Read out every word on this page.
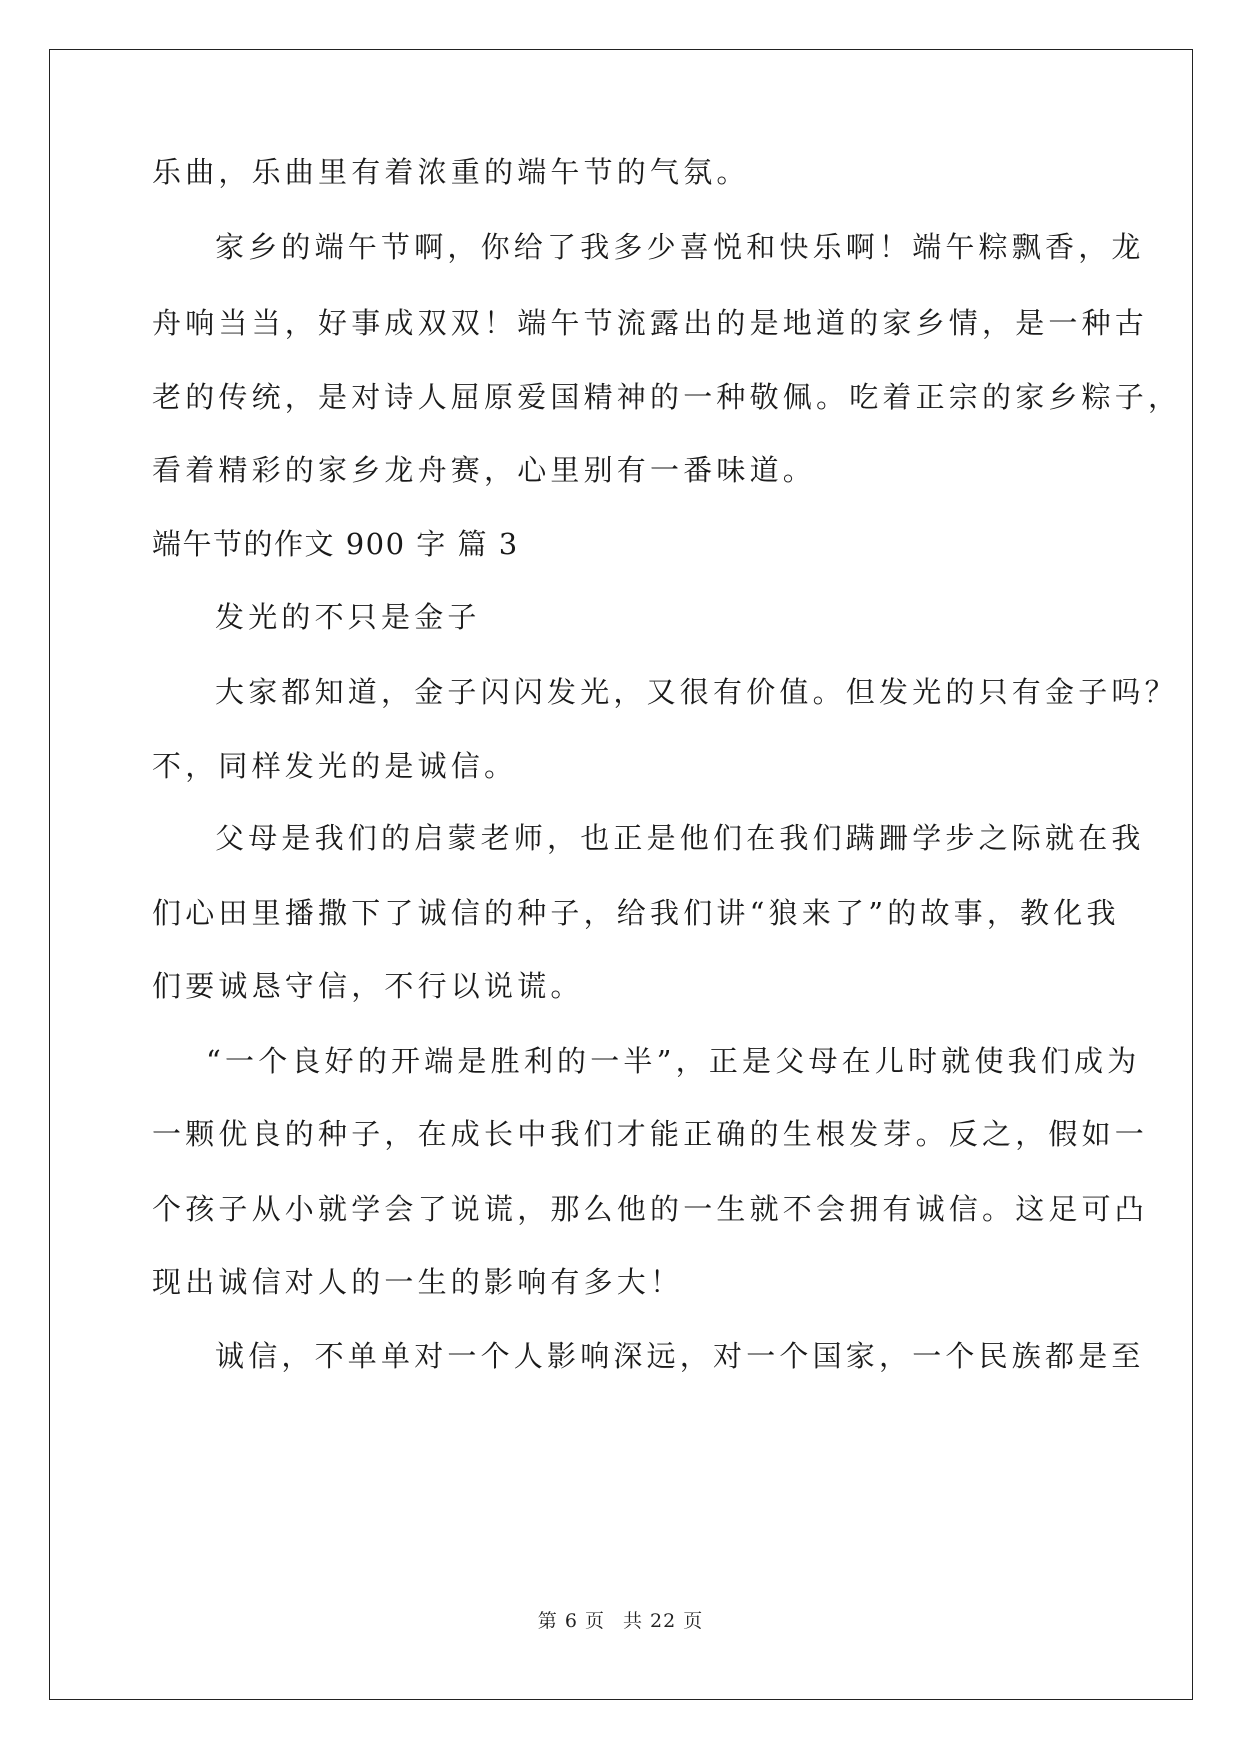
乐曲，乐曲里有着浓重的端午节的气氛。

家乡的端午节啊，你给了我多少喜悦和快乐啊！端午粽飘香，龙

舟响当当，好事成双双！端午节流露出的是地道的家乡情，是一种古

老的传统，是对诗人屈原爱国精神的一种敬佩。吃着正宗的家乡粽子，

看着精彩的家乡龙舟赛，心里别有一番味道。

端午节的作文 900 字 篇 3

发光的不只是金子

大家都知道，金子闪闪发光，又很有价值。但发光的只有金子吗？

不，同样发光的是诚信。

父母是我们的启蒙老师，也正是他们在我们蹒跚学步之际就在我

们心田里播撒下了诚信的种子，给我们讲“狼来了”的故事，教化我

们要诚恳守信，不行以说谎。

“一个良好的开端是胜利的一半”，正是父母在儿时就使我们成为

一颗优良的种子，在成长中我们才能正确的生根发芽。反之，假如一

个孩子从小就学会了说谎，那么他的一生就不会拥有诚信。这足可凸

现出诚信对人的一生的影响有多大！

诚信，不单单对一个人影响深远，对一个国家，一个民族都是至

第 6 页 共 22 页
